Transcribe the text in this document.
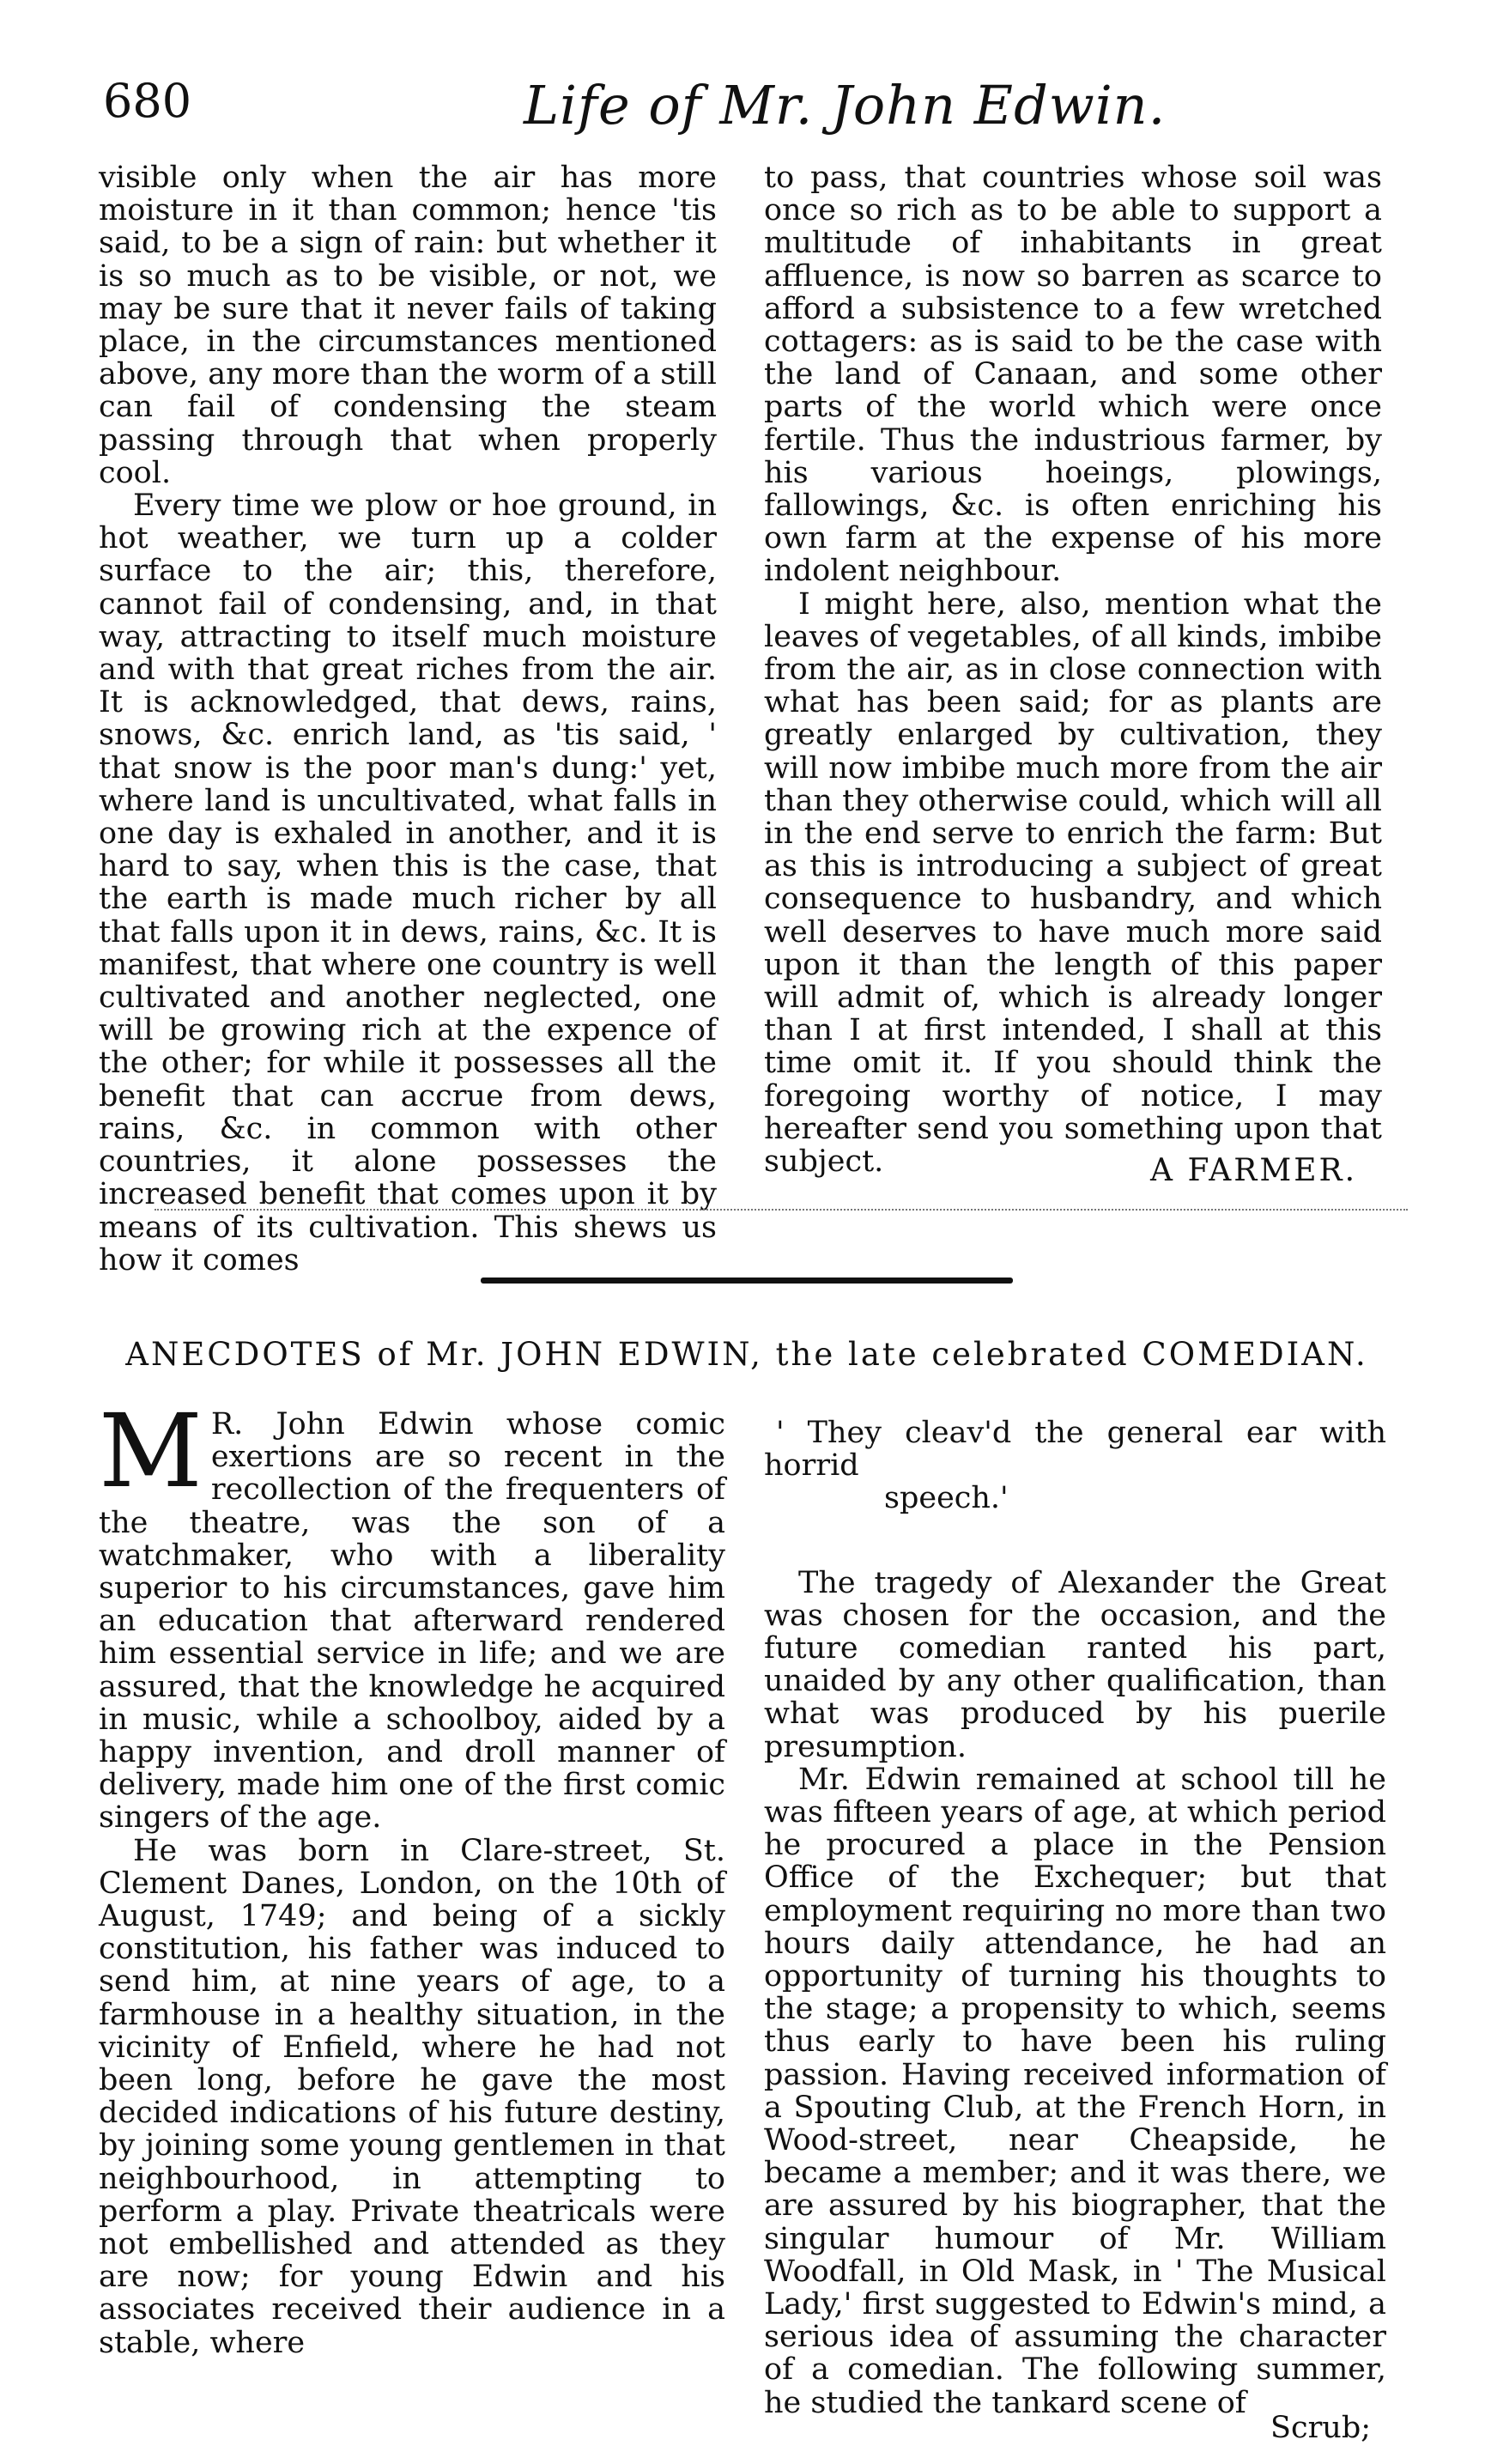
680	Life of Mr. John Edwin.

visible only when the air has more moisture in it than common; hence 'tis said, to be a sign of rain: but whether it is so much as to be visible, or not, we may be sure that it never fails of taking place, in the circumstances mentioned above, any more than the worm of a still can fail of condensing the steam passing through that when properly cool.

Every time we plow or hoe ground, in hot weather, we turn up a colder surface to the air; this, therefore, cannot fail of condensing, and, in that way, attracting to itself much moisture and with that great riches from the air. It is acknowledged, that dews, rains, snows, &c. enrich land, as 'tis said, ' that snow is the poor man's dung:' yet, where land is uncultivated, what falls in one day is exhaled in another, and it is hard to say, when this is the case, that the earth is made much richer by all that falls upon it in dews, rains, &c. It is manifest, that where one country is well cultivated and another neglected, one will be growing rich at the expence of the other; for while it possesses all the benefit that can accrue from dews, rains, &c. in common with other countries, it alone possesses the increased benefit that comes upon it by means of its cultivation. This shews us how it comes

to pass, that countries whose soil was once so rich as to be able to support a multitude of inhabitants in great affluence, is now so barren as scarce to afford a subsistence to a few wretched cottagers: as is said to be the case with the land of Canaan, and some other parts of the world which were once fertile. Thus the industrious farmer, by his various hoeings, plowings, fallowings, &c. is often enriching his own farm at the expense of his more indolent neighbour.

I might here, also, mention what the leaves of vegetables, of all kinds, imbibe from the air, as in close connection with what has been said; for as plants are greatly enlarged by cultivation, they will now imbibe much more from the air than they otherwise could, which will all in the end serve to enrich the farm: But as this is introducing a subject of great consequence to husbandry, and which well deserves to have much more said upon it than the length of this paper will admit of, which is already longer than I at first intended, I shall at this time omit it. If you should think the foregoing worthy of notice, I may hereafter send you something upon that subject.	A FARMER.
ANECDOTES of Mr. JOHN EDWIN, the late celebrated COMEDIAN.

M R. John Edwin whose comic exertions are so recent in the recollection of the frequenters of the theatre, was the son of a watchmaker, who with a liberality superior to his circumstances, gave him an education that afterward rendered him essential service in life; and we are assured, that the knowledge he acquired in music, while a schoolboy, aided by a happy invention, and droll manner of delivery, made him one of the first comic singers of the age.

He was born in Clare-street, St. Clement Danes, London, on the 10th of August, 1749; and being of a sickly constitution, his father was induced to send him, at nine years of age, to a farmhouse in a healthy situation, in the vicinity of Enfield, where he had not been long, before he gave the most decided indications of his future destiny, by joining some young gentlemen in that neighbourhood, in attempting to perform a play. Private theatricals were not embellished and attended as they are now; for young Edwin and his associates received their audience in a stable, where

' They cleav'd the general ear with horrid

speech.'

The tragedy of Alexander the Great was chosen for the occasion, and the future comedian ranted his part, unaided by any other qualification, than what was produced by his puerile presumption.

Mr. Edwin remained at school till he was fifteen years of age, at which period he procured a place in the Pension Office of the Exchequer; but that employment requiring no more than two hours daily attendance, he had an opportunity of turning his thoughts to the stage; a propensity to which, seems thus early to have been his ruling passion. Having received information of a Spouting Club, at the French Horn, in Wood-street, near Cheapside, he became a member; and it was there, we are assured by his biographer, that the singular humour of Mr. William Woodfall, in Old Mask, in ' The Musical Lady,' first suggested to Edwin's mind, a serious idea of assuming the character of a comedian. The following summer, he studied the tankard scene of

Scrub;
